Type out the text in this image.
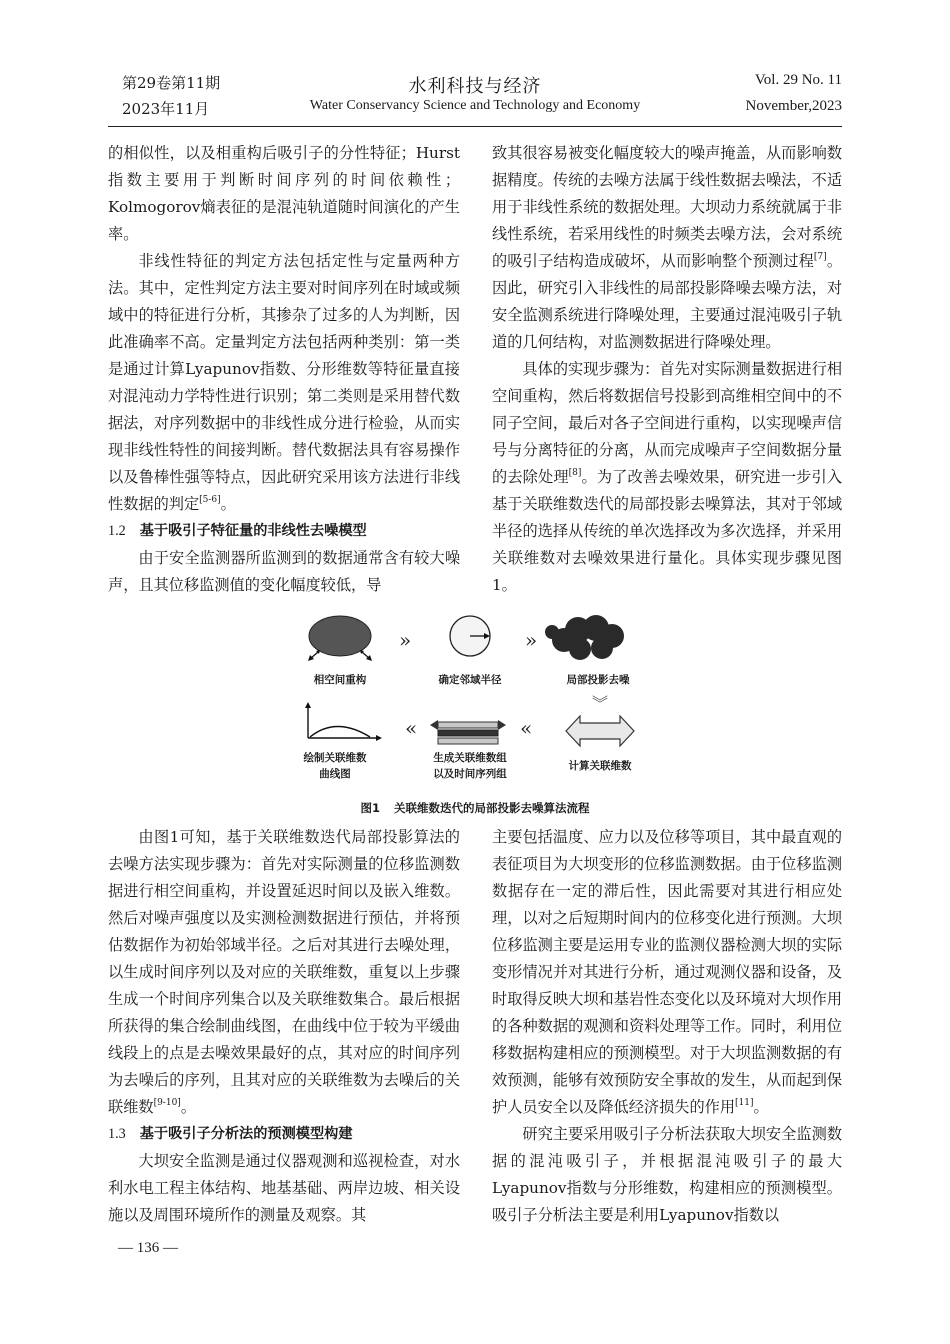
第29卷第11期	水利科技与经济	Vol. 29 No. 11
2023年11月	Water Conservancy Science and Technology and Economy	November,2023

的相似性，以及相重构后吸引子的分性特征；Hurst指数主要用于判断时间序列的时间依赖性；Kolmogorov熵表征的是混沌轨道随时间演化的产生率。

非线性特征的判定方法包括定性与定量两种方法。其中，定性判定方法主要对时间序列在时域或频域中的特征进行分析，其掺杂了过多的人为判断，因此准确率不高。定量判定方法包括两种类别：第一类是通过计算Lyapunov指数、分形维数等特征量直接对混沌动力学特性进行识别；第二类则是采用替代数据法，对序列数据中的非线性成分进行检验，从而实现非线性特性的间接判断。替代数据法具有容易操作以及鲁棒性强等特点，因此研究采用该方法进行非线性数据的判定[5-6]。

1.2 基于吸引子特征量的非线性去噪模型

由于安全监测器所监测到的数据通常含有较大噪声，且其位移监测值的变化幅度较低，导

致其很容易被变化幅度较大的噪声掩盖，从而影响数据精度。传统的去噪方法属于线性数据去噪法，不适用于非线性系统的数据处理。大坝动力系统就属于非线性系统，若采用线性的时频类去噪方法，会对系统的吸引子结构造成破坏，从而影响整个预测过程[7]。因此，研究引入非线性的局部投影降噪去噪方法，对安全监测系统进行降噪处理，主要通过混沌吸引子轨道的几何结构，对监测数据进行降噪处理。

具体的实现步骤为：首先对实际测量数据进行相空间重构，然后将数据信号投影到高维相空间中的不同子空间，最后对各子空间进行重构，以实现噪声信号与分离特征的分离，从而完成噪声子空间数据分量的去除处理[8]。为了改善去噪效果，研究进一步引入基于关联维数迭代的局部投影去噪算法，其对于邻域半径的选择从传统的单次选择改为多次选择，并采用关联维数对去噪效果进行量化。具体实现步骤见图1。

»	»
︾
«	«
相空间重构	确定邻域半径	局部投影去噪
绘制关联维数
曲线图
生成关联维数组
以及时间序列组
计算关联维数
图1 关联维数迭代的局部投影去噪算法流程

由图1可知，基于关联维数迭代局部投影算法的去噪方法实现步骤为：首先对实际测量的位移监测数据进行相空间重构，并设置延迟时间以及嵌入维数。然后对噪声强度以及实测检测数据进行预估，并将预估数据作为初始邻域半径。之后对其进行去噪处理，以生成时间序列以及对应的关联维数，重复以上步骤生成一个时间序列集合以及关联维数集合。最后根据所获得的集合绘制曲线图，在曲线中位于较为平缓曲线段上的点是去噪效果最好的点，其对应的时间序列为去噪后的序列，且其对应的关联维数为去噪后的关联维数[9-10]。

1.3 基于吸引子分析法的预测模型构建

大坝安全监测是通过仪器观测和巡视检查，对水利水电工程主体结构、地基基础、两岸边坡、相关设施以及周围环境所作的测量及观察。其

主要包括温度、应力以及位移等项目，其中最直观的表征项目为大坝变形的位移监测数据。由于位移监测数据存在一定的滞后性，因此需要对其进行相应处理，以对之后短期时间内的位移变化进行预测。大坝位移监测主要是运用专业的监测仪器检测大坝的实际变形情况并对其进行分析，通过观测仪器和设备，及时取得反映大坝和基岩性态变化以及环境对大坝作用的各种数据的观测和资料处理等工作。同时，利用位移数据构建相应的预测模型。对于大坝监测数据的有效预测，能够有效预防安全事故的发生，从而起到保护人员安全以及降低经济损失的作用[11]。

研究主要采用吸引子分析法获取大坝安全监测数据的混沌吸引子，并根据混沌吸引子的最大Lyapunov指数与分形维数，构建相应的预测模型。吸引子分析法主要是利用Lyapunov指数以

— 136 —
